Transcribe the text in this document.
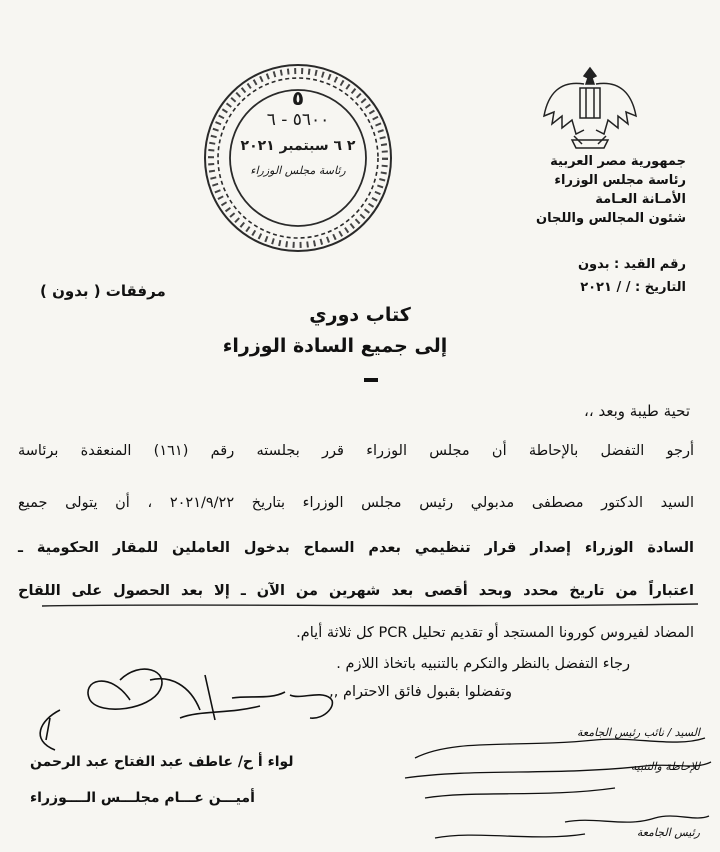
جمهورية مصر العربية
رئاسة مجلس الوزراء
الأمـانة العـامة
شئون المجالس واللجان
٥
٥٦٠٠ - ٦
٢ ٦ سبتمبر ٢٠٢١
رئاسة مجلس الوزراء
رقم القيد : بدون
التاريخ : / / ٢٠٢١
مرفقات ( بدون )
كتاب دوري
إلى جميع السادة الوزراء
تحية طيبة وبعد ،،
أرجو التفضل بالإحاطة أن مجلس الوزراء قرر بجلسته رقم (١٦١) المنعقدة برئاسة
السيد الدكتور مصطفى مدبولي رئيس مجلس الوزراء بتاريخ ٢٠٢١/٩/٢٢ ، أن يتولى جميع
السادة الوزراء إصدار قرار تنظيمي بعدم السماح بدخول العاملين للمقار الحكومية ـ
اعتباراً من تاريخ محدد وبحد أقصى بعد شهرين من الآن ـ إلا بعد الحصول على اللقاح
المضاد لفيروس كورونا المستجد أو تقديم تحليل PCR كل ثلاثة أيام.
رجاء التفضل بالنظر والتكرم بالتنبيه باتخاذ اللازم .
وتفضلوا بقبول فائق الاحترام ,,
لواء أ ح/ عاطف عبد الفتاح عبد الرحمن
أميـــن عـــام مجلـــس الــــوزراء
السيد / نائب رئيس الجامعة
للإحاطة والتنبيه
رئيس الجامعة
